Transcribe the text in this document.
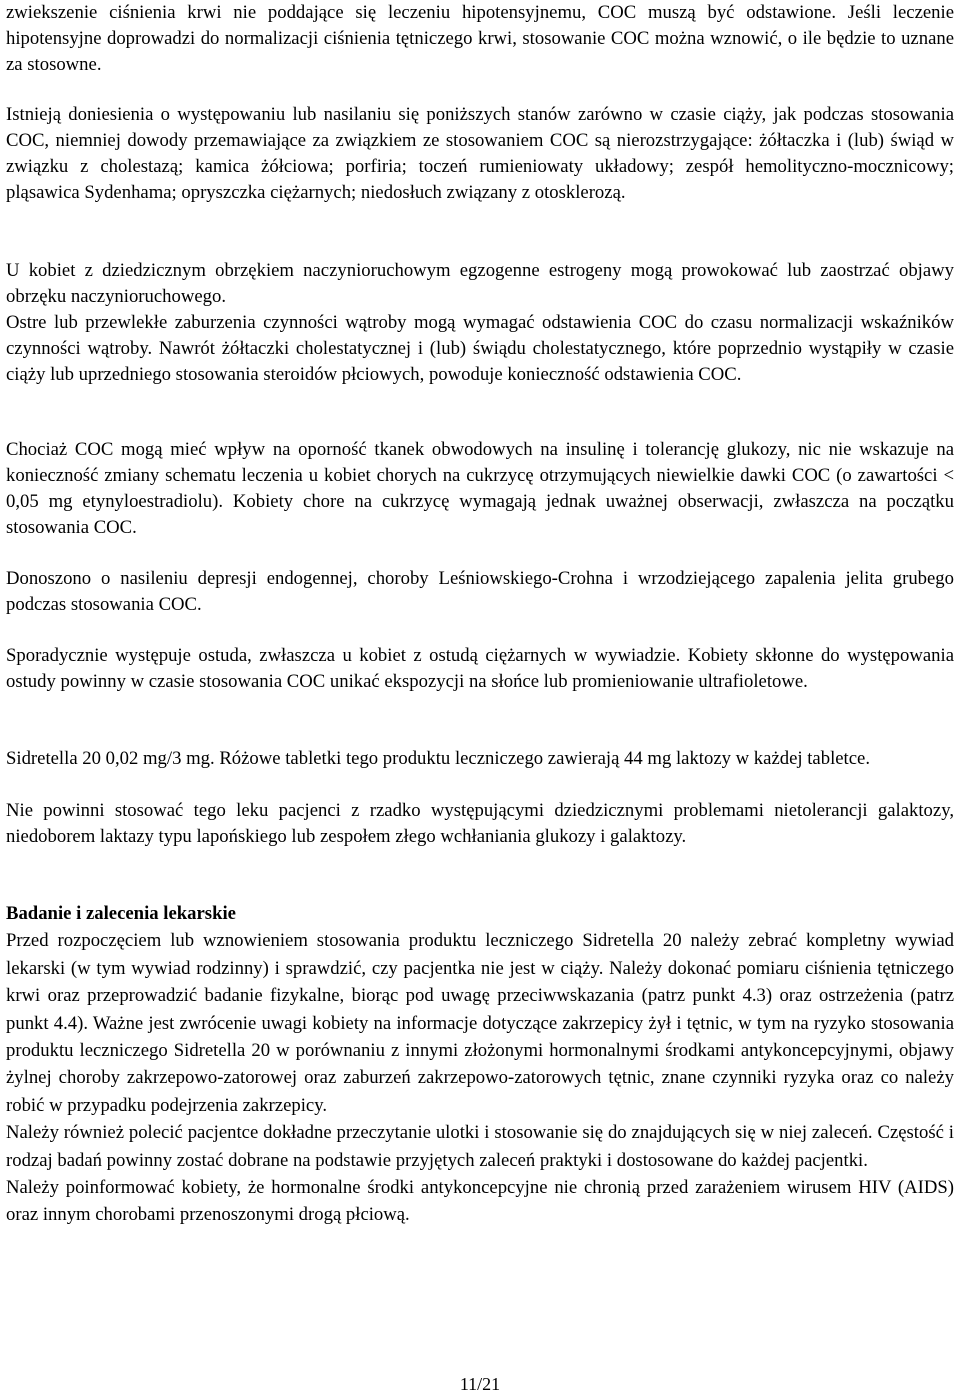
zwiekszenie ciśnienia krwi nie poddające się leczeniu hipotensyjnemu, COC muszą być odstawione. Jeśli leczenie hipotensyjne doprowadzi do normalizacji ciśnienia tętniczego krwi, stosowanie COC można wznowić, o ile będzie to uznane za stosowne.

Istnieją doniesienia o występowaniu lub nasilaniu się poniższych stanów zarówno w czasie ciąży, jak podczas stosowania COC, niemniej dowody przemawiające za związkiem ze stosowaniem COC są nierozstrzygające: żółtaczka i (lub) świąd w związku z cholestazą; kamica żółciowa; porfiria; toczeń rumieniowaty układowy; zespół hemolityczno-mocznicowy; pląsawica Sydenhama; opryszczka ciężarnych; niedosłuch związany z otosklerozą.

U kobiet z dziedzicznym obrzękiem naczynioruchowym egzogenne estrogeny mogą prowokować lub zaostrzać objawy obrzęku naczynioruchowego.

Ostre lub przewlekłe zaburzenia czynności wątroby mogą wymagać odstawienia COC do czasu normalizacji wskaźników czynności wątroby. Nawrót żółtaczki cholestatycznej i (lub) świądu cholestatycznego, które poprzednio wystąpiły w czasie ciąży lub uprzedniego stosowania steroidów płciowych, powoduje konieczność odstawienia COC.

Chociaż COC mogą mieć wpływ na oporność tkanek obwodowych na insulinę i tolerancję glukozy, nic nie wskazuje na konieczność zmiany schematu leczenia u kobiet chorych na cukrzycę otrzymujących niewielkie dawki COC (o zawartości < 0,05 mg etynyloestradiolu). Kobiety chore na cukrzycę wymagają jednak uważnej obserwacji, zwłaszcza na początku stosowania COC.

Donoszono o nasileniu depresji endogennej, choroby Leśniowskiego-Crohna i wrzodziejącego zapalenia jelita grubego podczas stosowania COC.

Sporadycznie występuje ostuda, zwłaszcza u kobiet z ostudą ciężarnych w wywiadzie. Kobiety skłonne do występowania ostudy powinny w czasie stosowania COC unikać ekspozycji na słońce lub promieniowanie ultrafioletowe.

Sidretella 20 0,02 mg/3 mg. Różowe tabletki tego produktu leczniczego zawierają 44 mg laktozy w każdej tabletce.

Nie powinni stosować tego leku pacjenci z rzadko występującymi dziedzicznymi problemami nietolerancji galaktozy, niedoborem laktazy typu lapońskiego lub zespołem złego wchłaniania glukozy i galaktozy.

Badanie i zalecenia lekarskie

Przed rozpoczęciem lub wznowieniem stosowania produktu leczniczego Sidretella 20 należy zebrać kompletny wywiad lekarski (w tym wywiad rodzinny) i sprawdzić, czy pacjentka nie jest w ciąży. Należy dokonać pomiaru ciśnienia tętniczego krwi oraz przeprowadzić badanie fizykalne, biorąc pod uwagę przeciwwskazania (patrz punkt 4.3) oraz ostrzeżenia (patrz punkt 4.4). Ważne jest zwrócenie uwagi kobiety na informacje dotyczące zakrzepicy żył i tętnic, w tym na ryzyko stosowania produktu leczniczego Sidretella 20 w porównaniu z innymi złożonymi hormonalnymi środkami antykoncepcyjnymi, objawy żylnej choroby zakrzepowo-zatorowej oraz zaburzeń zakrzepowo-zatorowych tętnic, znane czynniki ryzyka oraz co należy robić w przypadku podejrzenia zakrzepicy.

Należy również polecić pacjentce dokładne przeczytanie ulotki i stosowanie się do znajdujących się w niej zaleceń. Częstość i rodzaj badań powinny zostać dobrane na podstawie przyjętych zaleceń praktyki i dostosowane do każdej pacjentki.

Należy poinformować kobiety, że hormonalne środki antykoncepcyjne nie chronią przed zarażeniem wirusem HIV (AIDS) oraz innym chorobami przenoszonymi drogą płciową.

11/21
